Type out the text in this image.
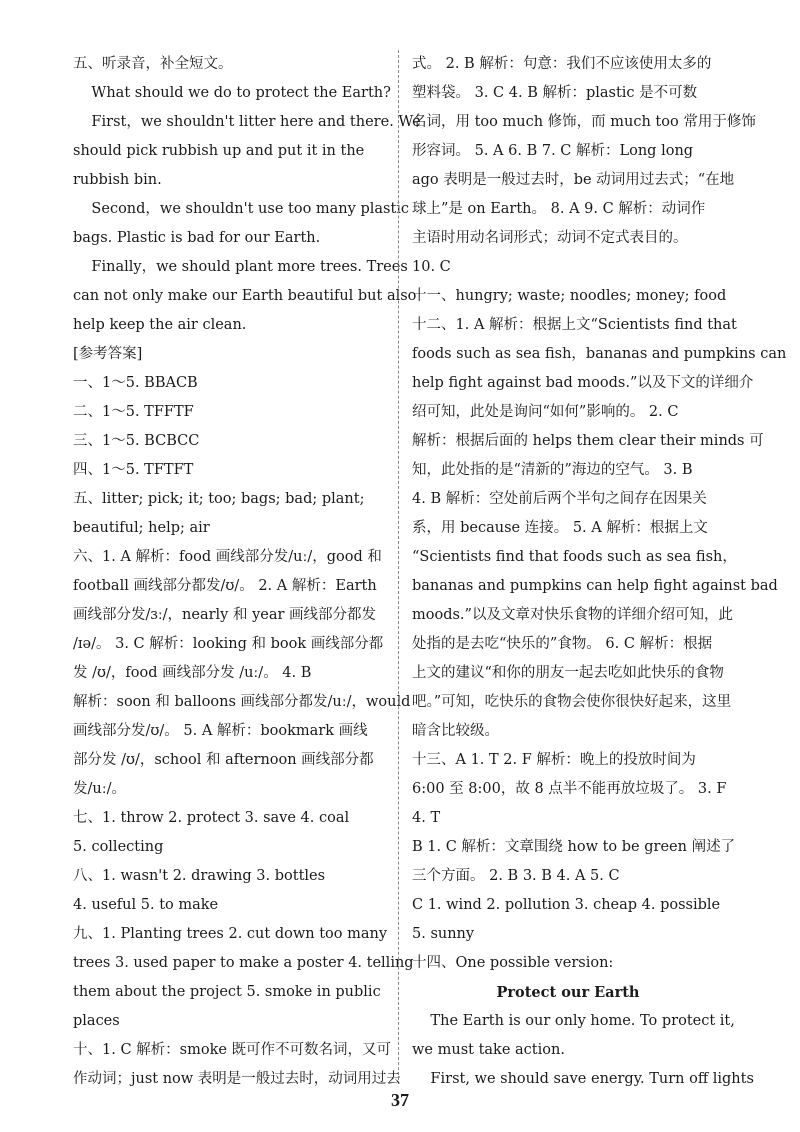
五、听录音，补全短文。
What should we do to protect the Earth?
First，we shouldn't litter here and there. We
should pick rubbish up and put it in the
rubbish bin.
Second，we shouldn't use too many plastic
bags. Plastic is bad for our Earth.
Finally，we should plant more trees. Trees
can not only make our Earth beautiful but also
help keep the air clean.
[参考答案]
一、1～5. BBACB
二、1～5. TFFTF
三、1～5. BCBCC
四、1～5. TFTFT
五、litter; pick; it; too; bags; bad; plant;
beautiful; help; air
六、1. A 解析：food 画线部分发/uː/，good 和
football 画线部分都发/ʊ/。 2. A 解析：Earth
画线部分发/ɜː/，nearly 和 year 画线部分都发
/ɪə/。 3. C 解析：looking 和 book 画线部分都
发 /ʊ/，food 画线部分发 /uː/。 4. B
解析：soon 和 balloons 画线部分都发/uː/，would
画线部分发/ʊ/。 5. A 解析：bookmark 画线
部分发 /ʊ/，school 和 afternoon 画线部分都
发/uː/。
七、1. throw 2. protect 3. save 4. coal
5. collecting
八、1. wasn't 2. drawing 3. bottles
4. useful 5. to make
九、1. Planting trees 2. cut down too many
trees 3. used paper to make a poster 4. telling
them about the project 5. smoke in public
places
十、1. C 解析：smoke 既可作不可数名词，又可
作动词；just now 表明是一般过去时，动词用过去
式。 2. B 解析：句意：我们不应该使用太多的
塑料袋。 3. C 4. B 解析：plastic 是不可数
名词，用 too much 修饰，而 much too 常用于修饰
形容词。 5. A 6. B 7. C 解析：Long long
ago 表明是一般过去时，be 动词用过去式；“在地
球上”是 on Earth。 8. A 9. C 解析：动词作
主语时用动名词形式；动词不定式表目的。
10. C
十一、hungry; waste; noodles; money; food
十二、1. A 解析：根据上文“Scientists find that
foods such as sea fish，bananas and pumpkins can
help fight against bad moods.”以及下文的详细介
绍可知，此处是询问“如何”影响的。 2. C
解析：根据后面的 helps them clear their minds 可
知，此处指的是“清新的”海边的空气。 3. B
4. B 解析：空处前后两个半句之间存在因果关
系，用 because 连接。 5. A 解析：根据上文
“Scientists find that foods such as sea fish，
bananas and pumpkins can help fight against bad
moods.”以及文章对快乐食物的详细介绍可知，此
处指的是去吃“快乐的”食物。 6. C 解析：根据
上文的建议“和你的朋友一起去吃如此快乐的食物
吧。”可知，吃快乐的食物会使你很快好起来，这里
暗含比较级。
十三、A 1. T 2. F 解析：晚上的投放时间为
6:00 至 8:00，故 8 点半不能再放垃圾了。 3. F
4. T
B 1. C 解析：文章围绕 how to be green 阐述了
三个方面。 2. B 3. B 4. A 5. C
C 1. wind 2. pollution 3. cheap 4. possible
5. sunny
十四、One possible version:
Protect our Earth
The Earth is our only home. To protect it,
we must take action.
First, we should save energy. Turn off lights
37
